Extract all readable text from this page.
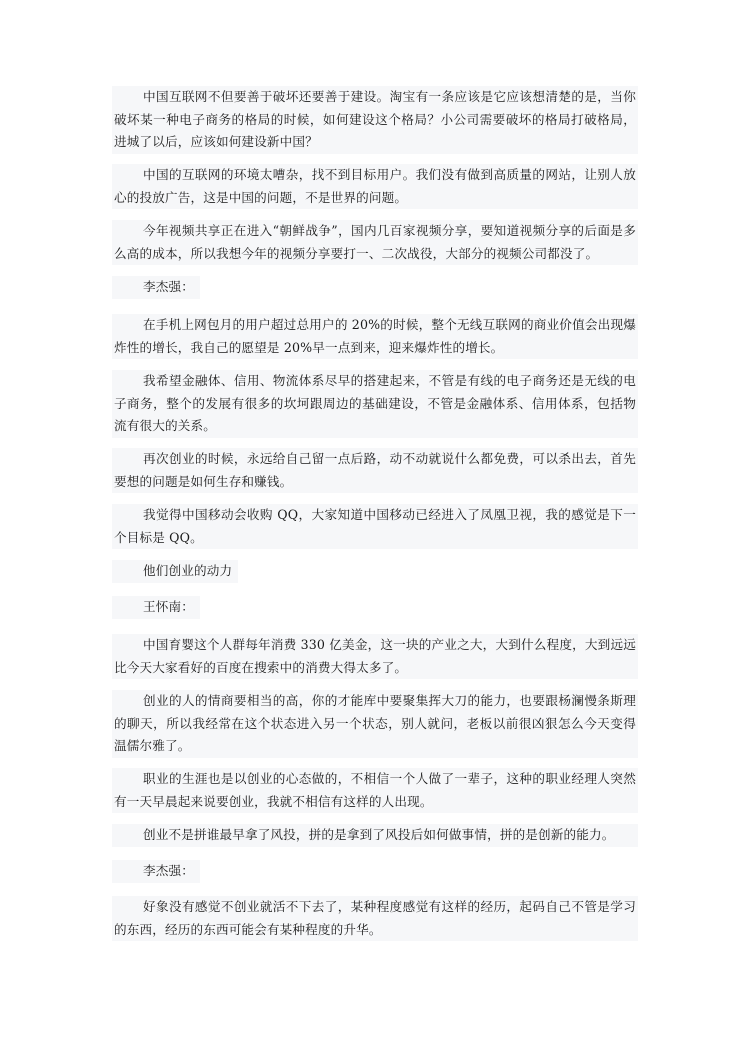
中国互联网不但要善于破坏还要善于建设。淘宝有一条应该是它应该想清楚的是，当你破坏某一种电子商务的格局的时候，如何建设这个格局？小公司需要破坏的格局打破格局，进城了以后，应该如何建设新中国？

中国的互联网的环境太嘈杂，找不到目标用户。我们没有做到高质量的网站，让别人放心的投放广告，这是中国的问题，不是世界的问题。

今年视频共享正在进入“朝鲜战争”，国内几百家视频分享，要知道视频分享的后面是多么高的成本，所以我想今年的视频分享要打一、二次战役，大部分的视频公司都没了。

李杰强：

在手机上网包月的用户超过总用户的 20%的时候，整个无线互联网的商业价值会出现爆炸性的增长，我自己的愿望是 20%早一点到来，迎来爆炸性的增长。

我希望金融体、信用、物流体系尽早的搭建起来，不管是有线的电子商务还是无线的电子商务，整个的发展有很多的坎坷跟周边的基础建设，不管是金融体系、信用体系，包括物流有很大的关系。

再次创业的时候，永远给自己留一点后路，动不动就说什么都免费，可以杀出去，首先要想的问题是如何生存和赚钱。

我觉得中国移动会收购 QQ，大家知道中国移动已经进入了凤凰卫视，我的感觉是下一个目标是 QQ。

他们创业的动力

王怀南：

中国育婴这个人群每年消费 330 亿美金，这一块的产业之大，大到什么程度，大到远远比今天大家看好的百度在搜索中的消费大得太多了。

创业的人的情商要相当的高，你的才能库中要聚集挥大刀的能力，也要跟杨澜慢条斯理的聊天，所以我经常在这个状态进入另一个状态，别人就问，老板以前很凶狠怎么今天变得温儒尔雅了。

职业的生涯也是以创业的心态做的，不相信一个人做了一辈子，这种的职业经理人突然有一天早晨起来说要创业，我就不相信有这样的人出现。

创业不是拼谁最早拿了风投，拼的是拿到了风投后如何做事情，拼的是创新的能力。

李杰强：

好象没有感觉不创业就活不下去了，某种程度感觉有这样的经历，起码自己不管是学习的东西，经历的东西可能会有某种程度的升华。
